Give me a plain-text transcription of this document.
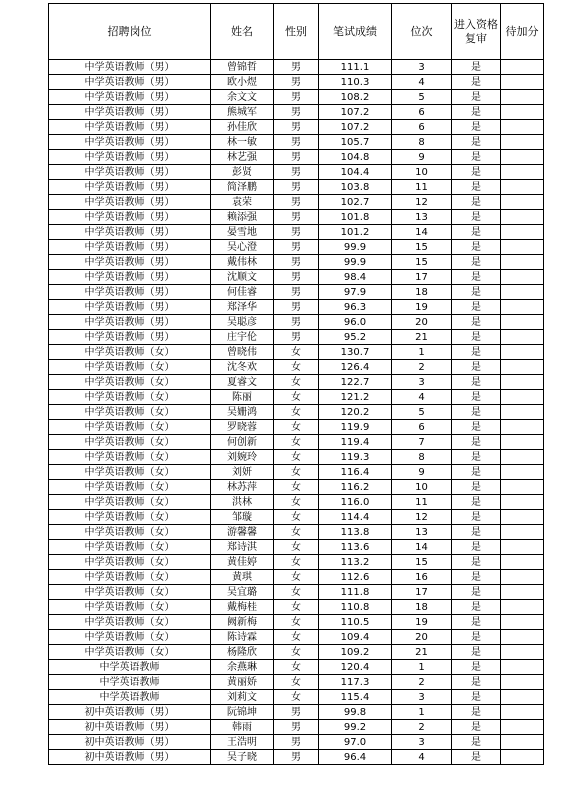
招聘岗位	姓名	性别	笔试成绩	位次	进入资格复审	待加分
中学英语教师（男）	曾锦哲	男	111.1	3	是	
中学英语教师（男）	欧小煜	男	110.3	4	是	
中学英语教师（男）	余文文	男	108.2	5	是	
中学英语教师（男）	熊城军	男	107.2	6	是	
中学英语教师（男）	孙佳欣	男	107.2	6	是	
中学英语教师（男）	林一敏	男	105.7	8	是	
中学英语教师（男）	林艺强	男	104.8	9	是	
中学英语教师（男）	彭贤	男	104.4	10	是	
中学英语教师（男）	简泽鹏	男	103.8	11	是	
中学英语教师（男）	袁荣	男	102.7	12	是	
中学英语教师（男）	赖添强	男	101.8	13	是	
中学英语教师（男）	晏雪地	男	101.2	14	是	
中学英语教师（男）	吴心澄	男	99.9	15	是	
中学英语教师（男）	戴伟林	男	99.9	15	是	
中学英语教师（男）	沈顺文	男	98.4	17	是	
中学英语教师（男）	何佳睿	男	97.9	18	是	
中学英语教师（男）	郑泽华	男	96.3	19	是	
中学英语教师（男）	吴聪彦	男	96.0	20	是	
中学英语教师（男）	庄宇伦	男	95.2	21	是	
中学英语教师（女）	曾晓伟	女	130.7	1	是	
中学英语教师（女）	沈冬欢	女	126.4	2	是	
中学英语教师（女）	夏睿文	女	122.7	3	是	
中学英语教师（女）	陈丽	女	121.2	4	是	
中学英语教师（女）	吴姗鸿	女	120.2	5	是	
中学英语教师（女）	罗晓蓉	女	119.9	6	是	
中学英语教师（女）	何创新	女	119.4	7	是	
中学英语教师（女）	刘婉玲	女	119.3	8	是	
中学英语教师（女）	刘妍	女	116.4	9	是	
中学英语教师（女）	林苏萍	女	116.2	10	是	
中学英语教师（女）	洪林	女	116.0	11	是	
中学英语教师（女）	邹璇	女	114.4	12	是	
中学英语教师（女）	游馨馨	女	113.8	13	是	
中学英语教师（女）	郑诗淇	女	113.6	14	是	
中学英语教师（女）	黄佳婷	女	113.2	15	是	
中学英语教师（女）	黄琪	女	112.6	16	是	
中学英语教师（女）	吴宜璐	女	111.8	17	是	
中学英语教师（女）	戴梅桂	女	110.8	18	是	
中学英语教师（女）	阙新梅	女	110.5	19	是	
中学英语教师（女）	陈诗霖	女	109.4	20	是	
中学英语教师（女）	杨隆欣	女	109.2	21	是	
中学英语教师	余燕琳	女	120.4	1	是	
中学英语教师	黄丽娇	女	117.3	2	是	
中学英语教师	刘莉文	女	115.4	3	是	
初中英语教师（男）	阮锦坤	男	99.8	1	是	
初中英语教师（男）	韩雨	男	99.2	2	是	
初中英语教师（男）	王浩明	男	97.0	3	是	
初中英语教师（男）	吴子晓	男	96.4	4	是	
